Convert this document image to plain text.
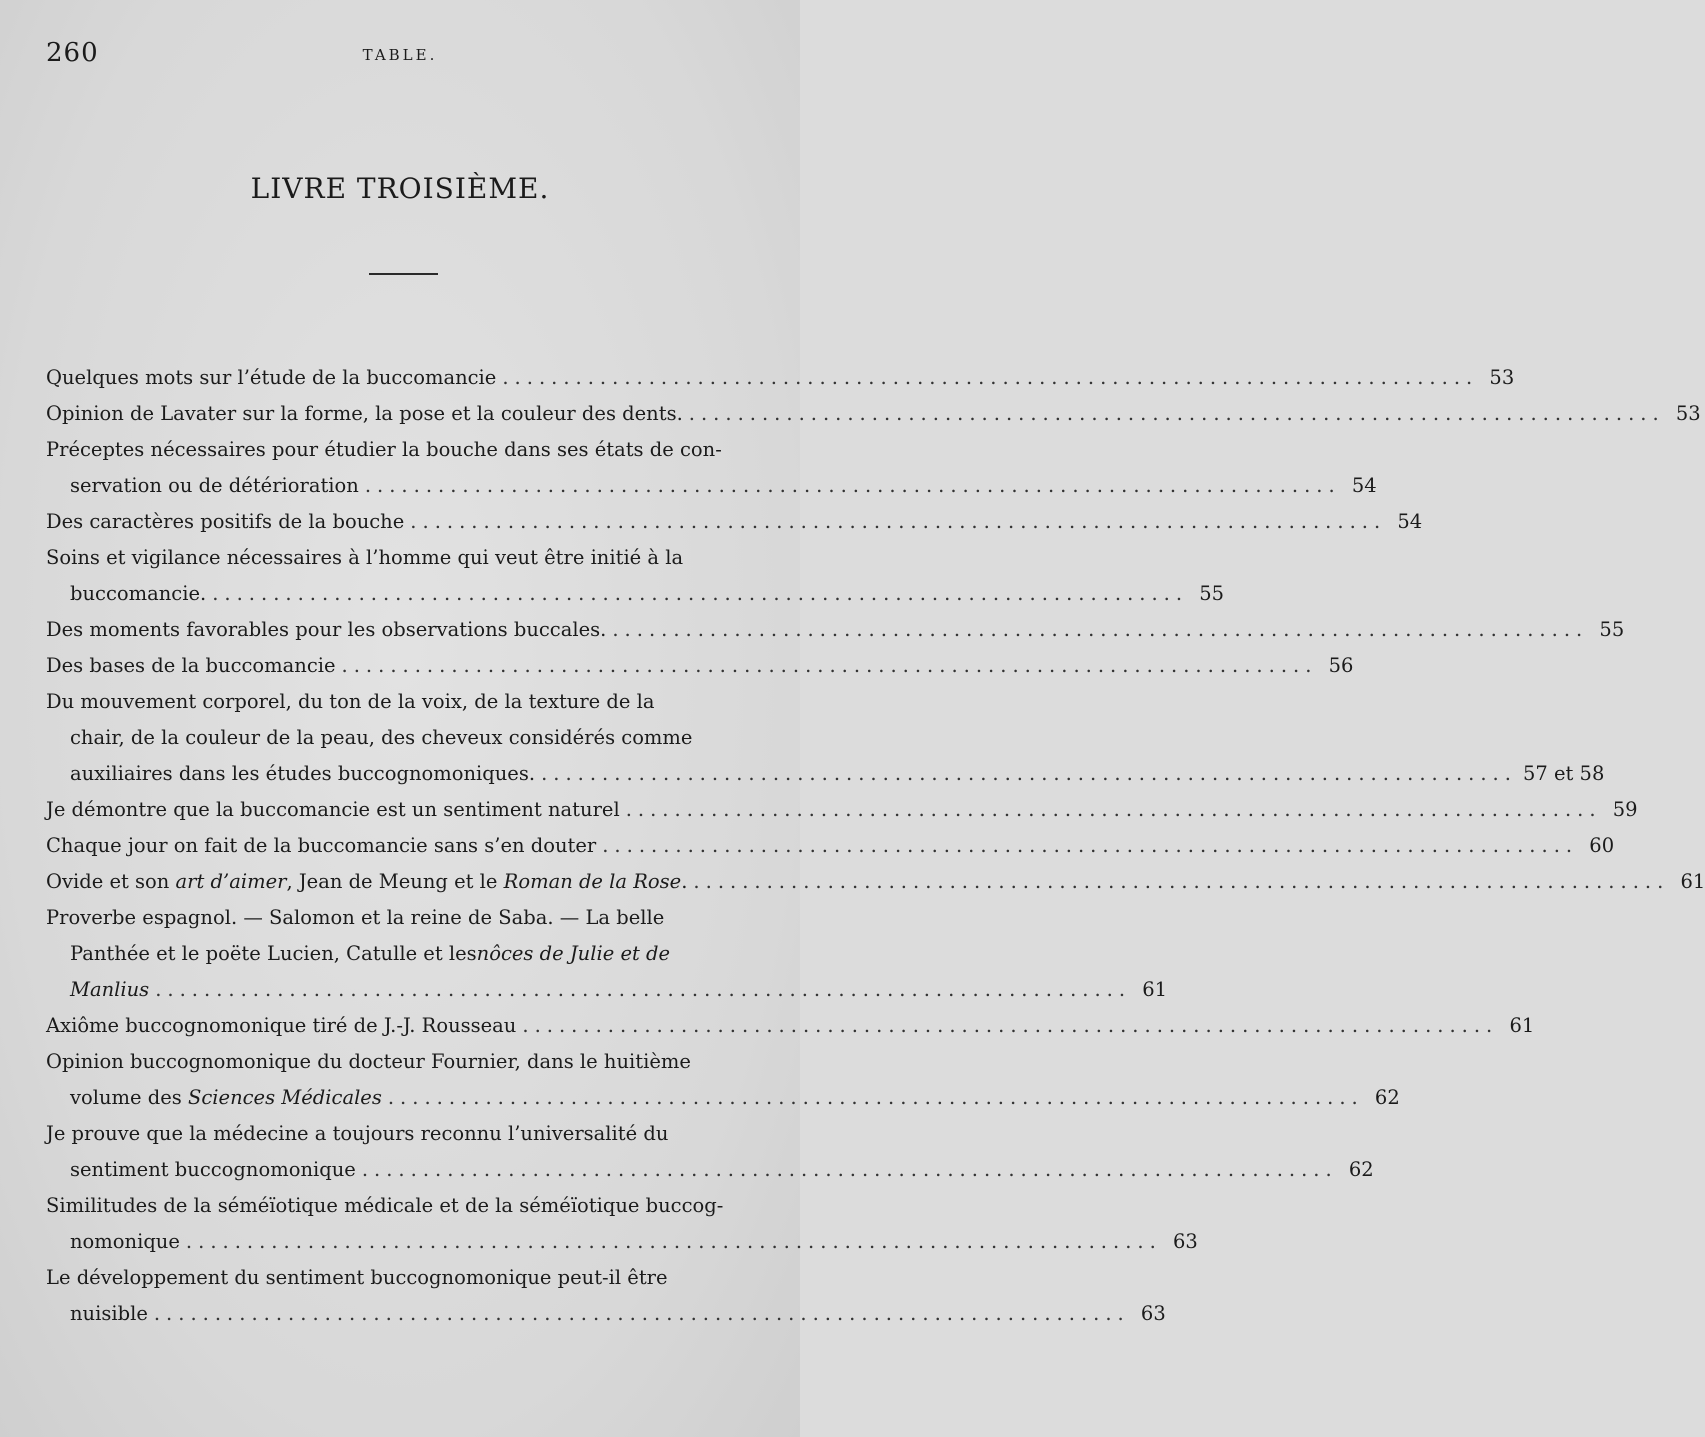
260	TABLE.
LIVRE TROISIÈME.
Quelques mots sur l’étude de la buccomancie ................................................................................ 53
Opinion de Lavater sur la forme, la pose et la couleur des dents. ................................................................................ 53
Préceptes nécessaires pour étudier la bouche dans ses états de con-
servation ou de détérioration ................................................................................ 54
Des caractères positifs de la bouche ................................................................................ 54
Soins et vigilance nécessaires à l’homme qui veut être initié à la
buccomancie. ................................................................................ 55
Des moments favorables pour les observations buccales. ................................................................................ 55
Des bases de la buccomancie ................................................................................ 56
Du mouvement corporel, du ton de la voix, de la texture de la
chair, de la couleur de la peau, des cheveux considérés comme
auxiliaires dans les études buccognomoniques. ................................................................................ 57 et 58
Je démontre que la buccomancie est un sentiment naturel ................................................................................ 59
Chaque jour on fait de la buccomancie sans s’en douter ................................................................................ 60
Ovide et son art d’aimer, Jean de Meung et le Roman de la Rose. ................................................................................ 61
Proverbe espagnol. — Salomon et la reine de Saba. — La belle
Panthée et le poëte Lucien, Catulle et les nôces de Julie et de
Manlius ................................................................................ 61
Axiôme buccognomonique tiré de J.-J. Rousseau ................................................................................ 61
Opinion buccognomonique du docteur Fournier, dans le huitième
volume des Sciences Médicales ................................................................................ 62
Je prouve que la médecine a toujours reconnu l’universalité du
sentiment buccognomonique ................................................................................ 62
Similitudes de la séméïotique médicale et de la séméïotique buccog-
nomonique ................................................................................ 63
Le développement du sentiment buccognomonique peut-il être
nuisible ................................................................................ 63
